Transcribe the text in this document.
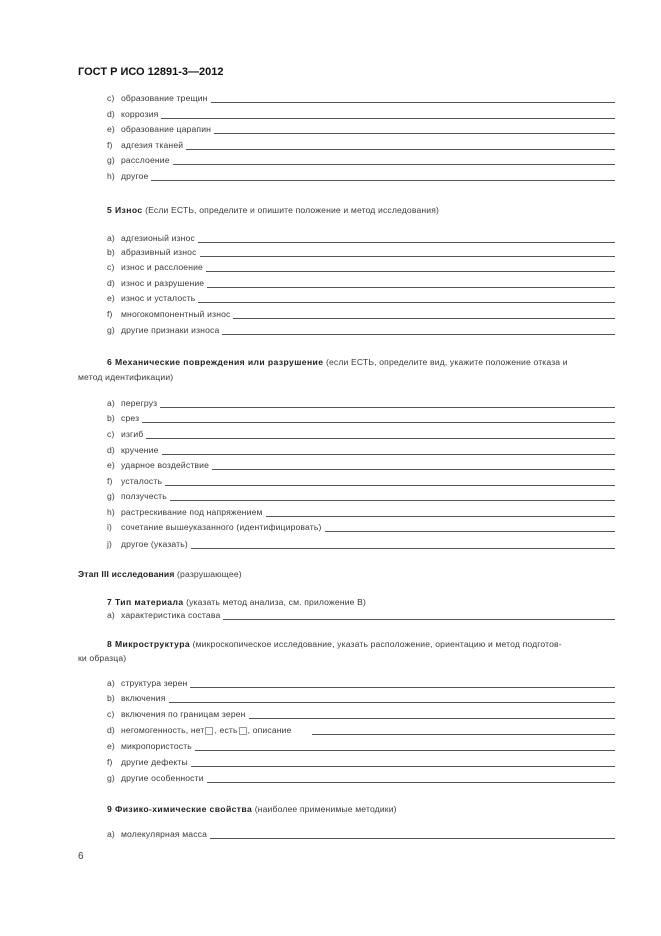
ГОСТ Р ИСО 12891-3—2012
c) образование трещин
d) коррозия
e) образование царапин
f) адгезия тканей
g) расслоение
h) другое
5 Износ (Если ЕСТЬ, определите и опишите положение и метод исследования)
a) адгезионый износ
b) абразивный износ
c) износ и расслоение
d) износ и разрушение
e) износ и усталость
f) многокомпонентный износ
g) другие признаки износа
6 Механические повреждения или разрушение (если ЕСТЬ, определите вид, укажите положение отказа и
метод идентификации)
a) перегруз
b) срез
c) изгиб
d) кручение
e) ударное воздействие
f) усталость
g) ползучесть
h) растрескивание под напряжением
i)	сочетание вышеуказанного (идентифицировать)
j)	другое (указать)
Этап III исследования (разрушающее)
7 Тип материала (указать метод анализа, см. приложение В)
a) характеристика состава
8 Микроструктура (микроскопическое исследование, указать расположение, ориентацию и метод подготов-
ки образца)
a) структура зерен
b) включения
c) включения по границам зерен
d) негомогенность, нет , есть , описание
e) микропористость
f) другие дефекты
g) другие особенности
9 Физико-химические свойства (наиболее применимые методики)
a) молекулярная масса
6
